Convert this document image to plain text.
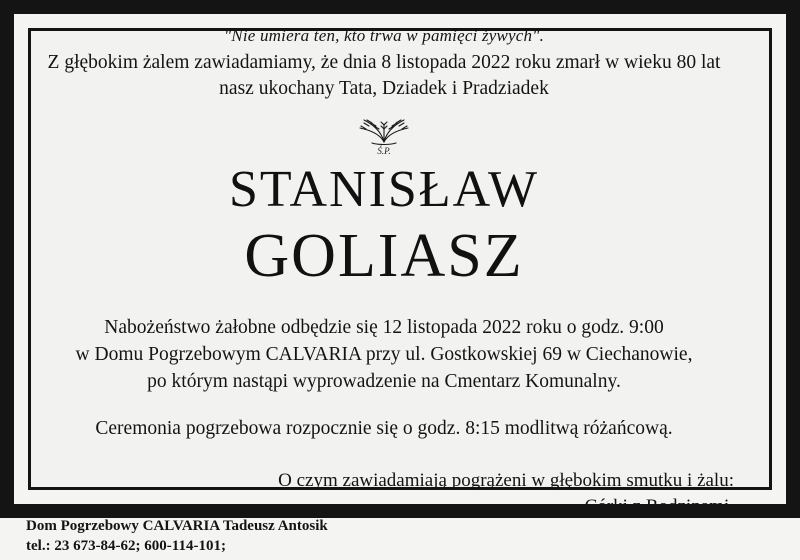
"Nie umiera ten, kto trwa w pamięci żywych".

Z głębokim żalem zawiadamiamy, że dnia 8 listopada 2022 roku zmarł w wieku 80 lat
nasz ukochany Tata, Dziadek i Pradziadek

Ś.P.
STANISŁAW
GOLIASZ

Nabożeństwo żałobne odbędzie się 12 listopada 2022 roku o godz. 9:00
w Domu Pogrzebowym CALVARIA przy ul. Gostkowskiej 69 w Ciechanowie,
po którym nastąpi wyprowadzenie na Cmentarz Komunalny.

Ceremonia pogrzebowa rozpocznie się o godz. 8:15 modlitwą różańcową.

O czym zawiadamiają pogrążeni w głębokim smutku i żalu:
Córki z Rodzinami.

Dom Pogrzebowy CALVARIA Tadeusz Antosik
tel.: 23 673-84-62; 600-114-101;
